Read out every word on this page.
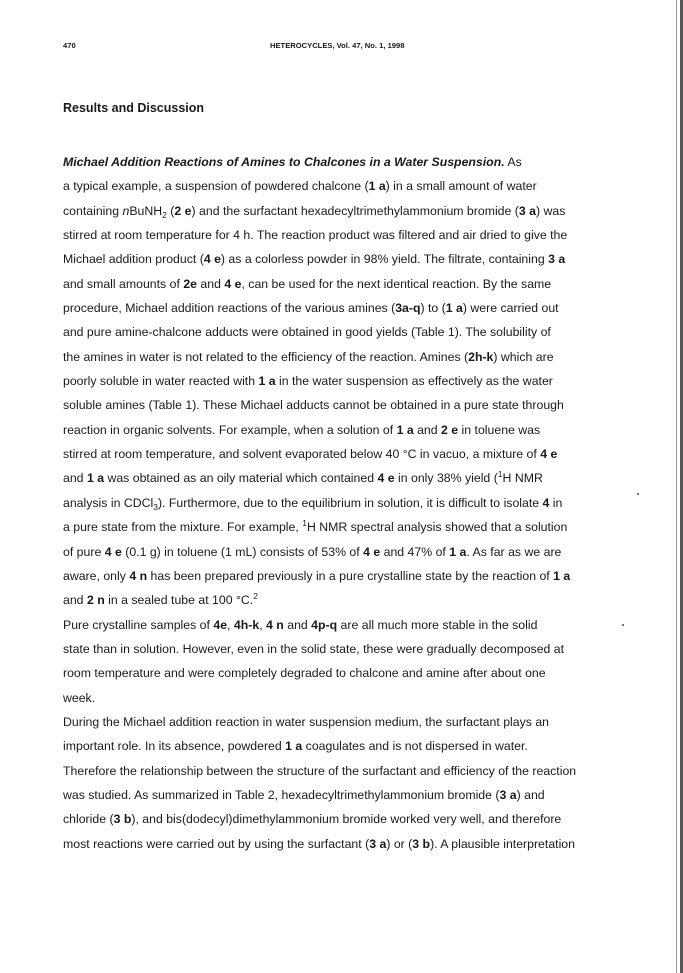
470	HETEROCYCLES, Vol. 47, No. 1, 1998
Results and Discussion
Michael Addition Reactions of Amines to Chalcones in a Water Suspension. As
a typical example, a suspension of powdered chalcone (1 a) in a small amount of water
containing nBuNH$_2$ (2 e) and the surfactant hexadecyltrimethylammonium bromide (3 a) was
stirred at room temperature for 4 h. The reaction product was filtered and air dried to give the
Michael addition product (4 e) as a colorless powder in 98% yield. The filtrate, containing 3 a
and small amounts of 2e and 4 e, can be used for the next identical reaction. By the same
procedure, Michael addition reactions of the various amines (3a-q) to (1 a) were carried out
and pure amine-chalcone adducts were obtained in good yields (Table 1). The solubility of
the amines in water is not related to the efficiency of the reaction. Amines (2h-k) which are
poorly soluble in water reacted with 1 a in the water suspension as effectively as the water
soluble amines (Table 1). These Michael adducts cannot be obtained in a pure state through
reaction in organic solvents. For example, when a solution of 1 a and 2 e in toluene was
stirred at room temperature, and solvent evaporated below 40 °C in vacuo, a mixture of 4 e
and 1 a was obtained as an oily material which contained 4 e in only 38% yield ($^1$H NMR
analysis in CDCl$_3$). Furthermore, due to the equilibrium in solution, it is difficult to isolate 4 in
a pure state from the mixture. For example, $^1$H NMR spectral analysis showed that a solution
of pure 4 e (0.1 g) in toluene (1 mL) consists of 53% of 4 e and 47% of 1 a. As far as we are
aware, only 4 n has been prepared previously in a pure crystalline state by the reaction of 1 a
and 2 n in a sealed tube at 100 °C.$^2$
Pure crystalline samples of 4e, 4h-k, 4 n and 4p-q are all much more stable in the solid
state than in solution. However, even in the solid state, these were gradually decomposed at
room temperature and were completely degraded to chalcone and amine after about one
week.
During the Michael addition reaction in water suspension medium, the surfactant plays an
important role. In its absence, powdered 1 a coagulates and is not dispersed in water.
Therefore the relationship between the structure of the surfactant and efficiency of the reaction
was studied. As summarized in Table 2, hexadecyltrimethylammonium bromide (3 a) and
chloride (3 b), and bis(dodecyl)dimethylammonium bromide worked very well, and therefore
most reactions were carried out by using the surfactant (3 a) or (3 b). A plausible interpretation
